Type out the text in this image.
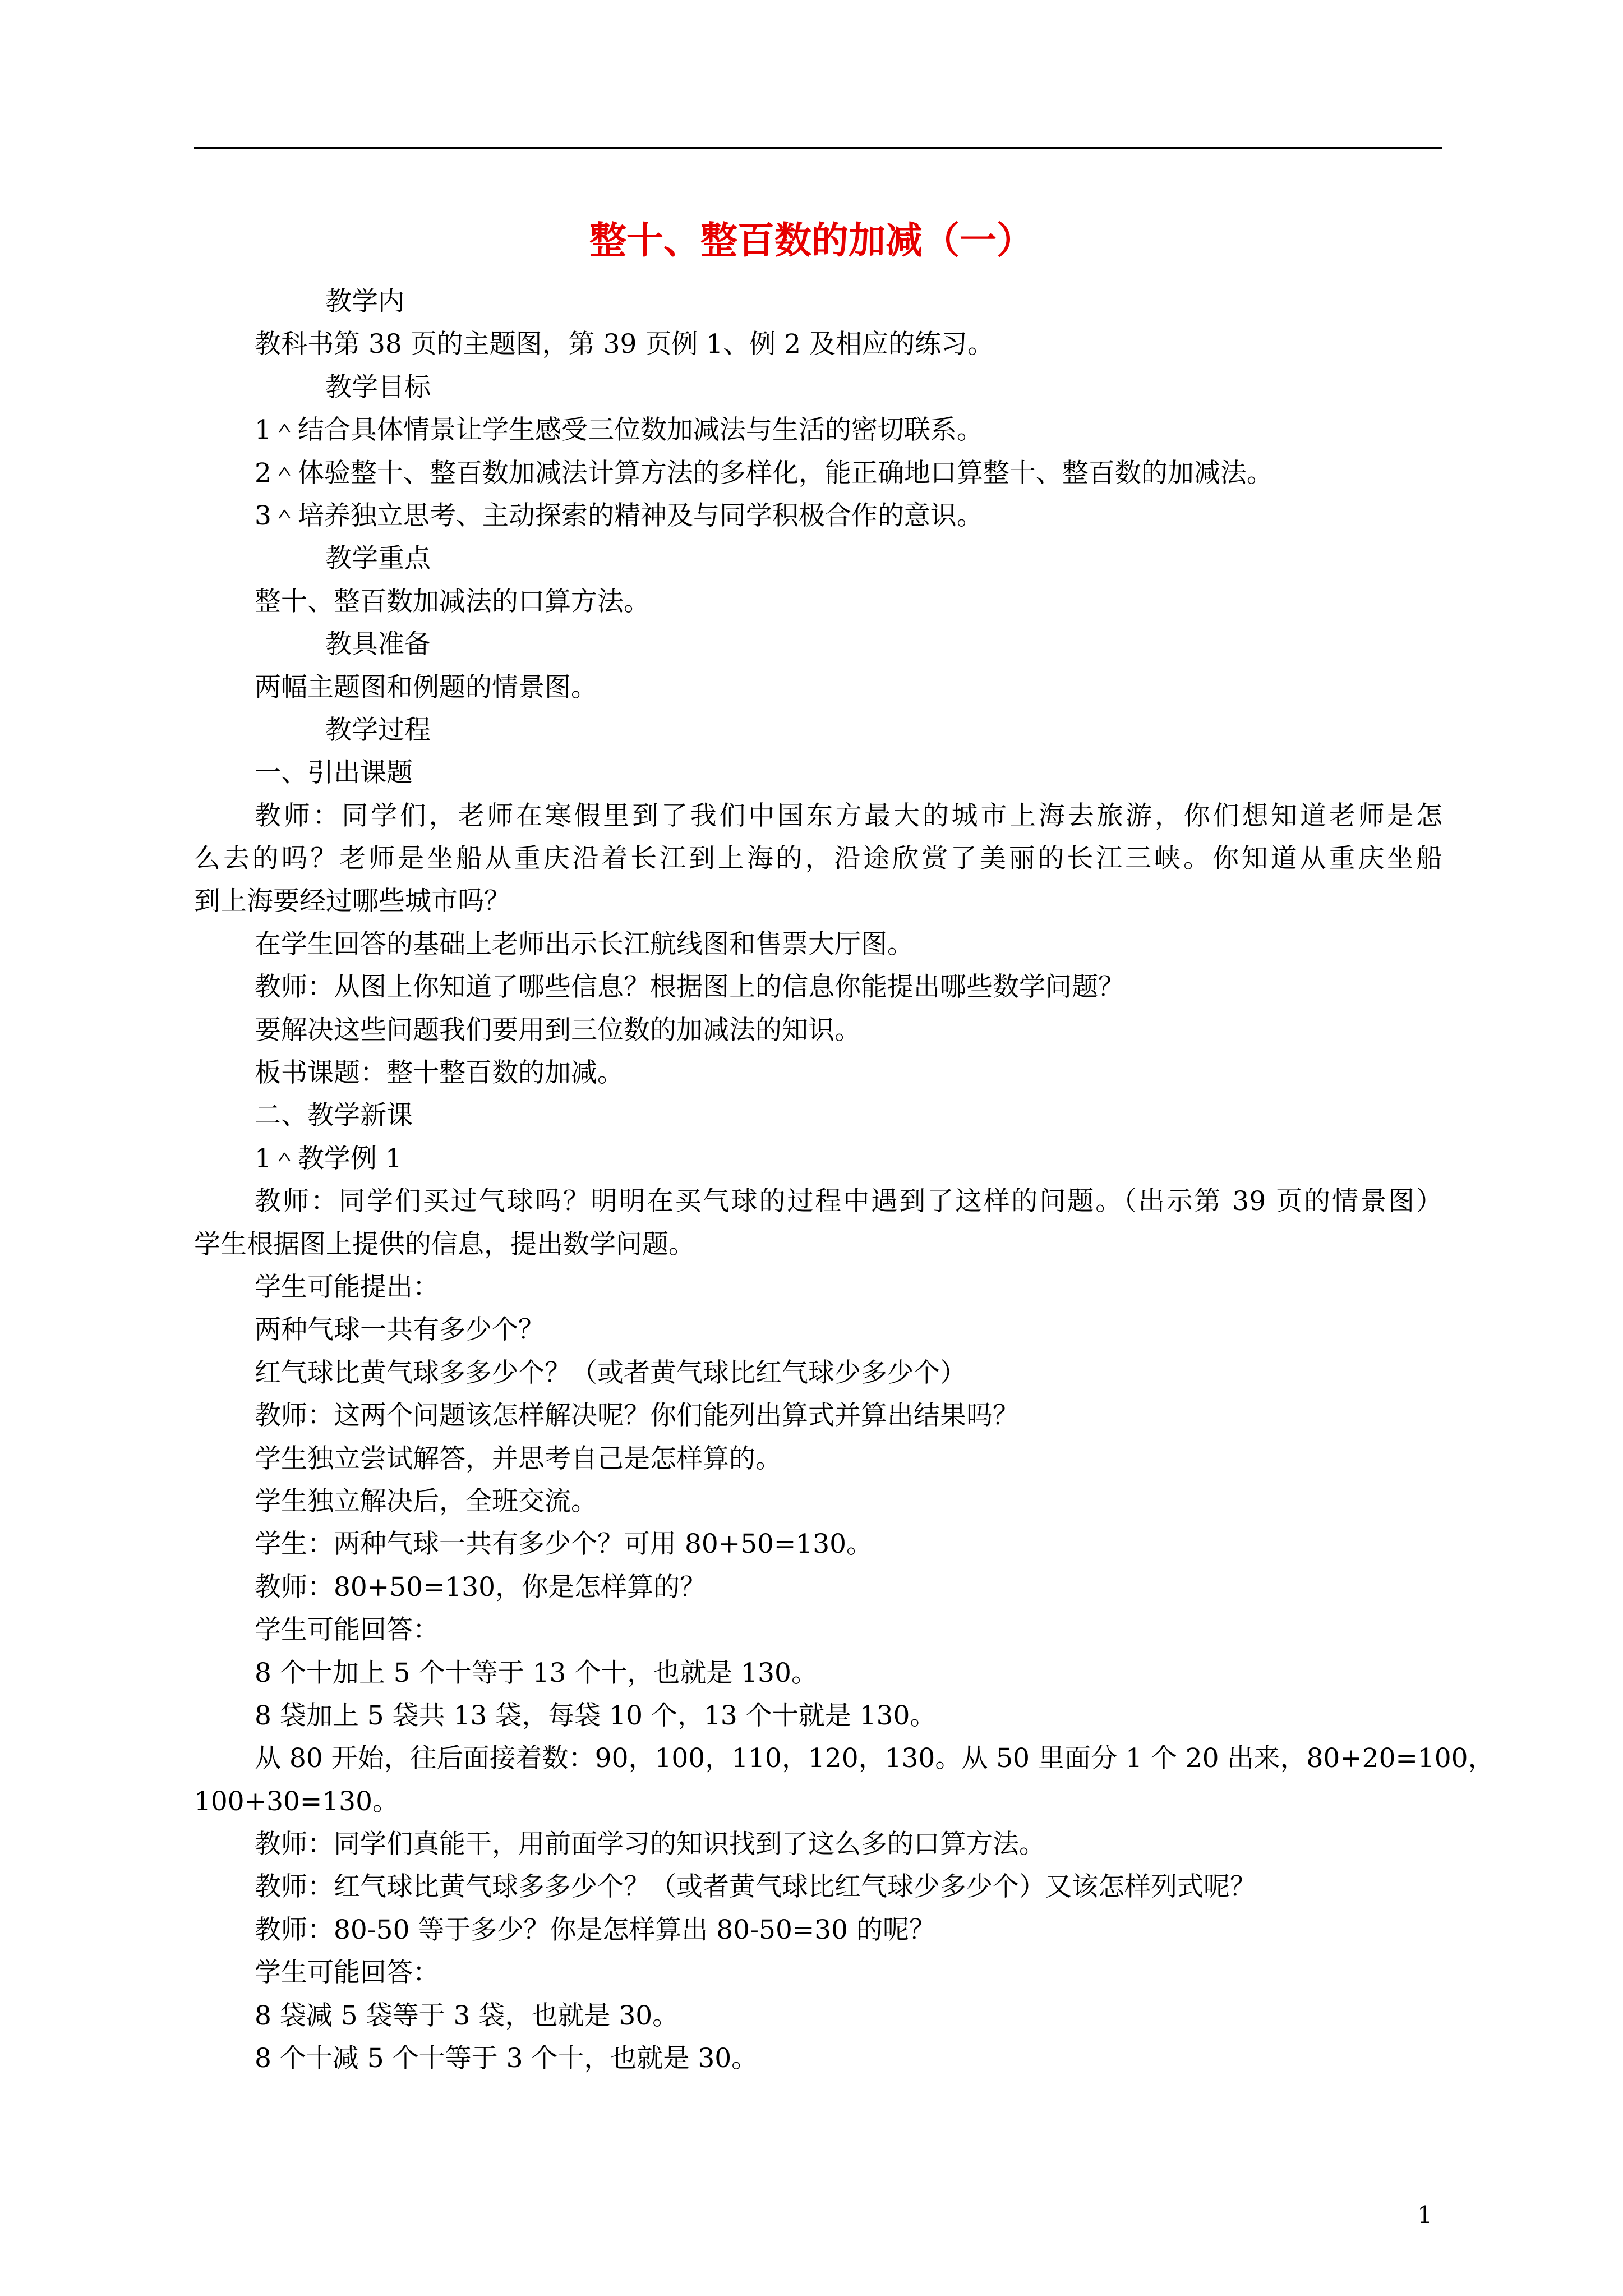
整十、整百数的加减（一）
教学内
教科书第 38 页的主题图，第 39 页例 1、例 2 及相应的练习。
教学目标
1＾结合具体情景让学生感受三位数加减法与生活的密切联系。
2＾体验整十、整百数加减法计算方法的多样化，能正确地口算整十、整百数的加减法。
3＾培养独立思考、主动探索的精神及与同学积极合作的意识。
教学重点
整十、整百数加减法的口算方法。
教具准备
两幅主题图和例题的情景图。
教学过程
一、引出课题
教师：同学们，老师在寒假里到了我们中国东方最大的城市上海去旅游，你们想知道老师是怎
么去的吗？老师是坐船从重庆沿着长江到上海的，沿途欣赏了美丽的长江三峡。你知道从重庆坐船
到上海要经过哪些城市吗？
在学生回答的基础上老师出示长江航线图和售票大厅图。
教师：从图上你知道了哪些信息？根据图上的信息你能提出哪些数学问题？
要解决这些问题我们要用到三位数的加减法的知识。
板书课题：整十整百数的加减。
二、教学新课
1＾教学例 1
教师：同学们买过气球吗？明明在买气球的过程中遇到了这样的问题。（出示第 39 页的情景图）
学生根据图上提供的信息，提出数学问题。
学生可能提出：
两种气球一共有多少个？
红气球比黄气球多多少个？（或者黄气球比红气球少多少个）
教师：这两个问题该怎样解决呢？你们能列出算式并算出结果吗？
学生独立尝试解答，并思考自己是怎样算的。
学生独立解决后，全班交流。
学生：两种气球一共有多少个？可用 80+50=130。
教师：80+50=130，你是怎样算的？
学生可能回答：
8 个十加上 5 个十等于 13 个十，也就是 130。
8 袋加上 5 袋共 13 袋，每袋 10 个，13 个十就是 130。
从 80 开始，往后面接着数：90，100，110，120，130。从 50 里面分 1 个 20 出来，80+20=100，
100+30=130。
教师：同学们真能干，用前面学习的知识找到了这么多的口算方法。
教师：红气球比黄气球多多少个？（或者黄气球比红气球少多少个）又该怎样列式呢？
教师：80-50 等于多少？你是怎样算出 80-50=30 的呢？
学生可能回答：
8 袋减 5 袋等于 3 袋，也就是 30。
8 个十减 5 个十等于 3 个十，也就是 30。
1
